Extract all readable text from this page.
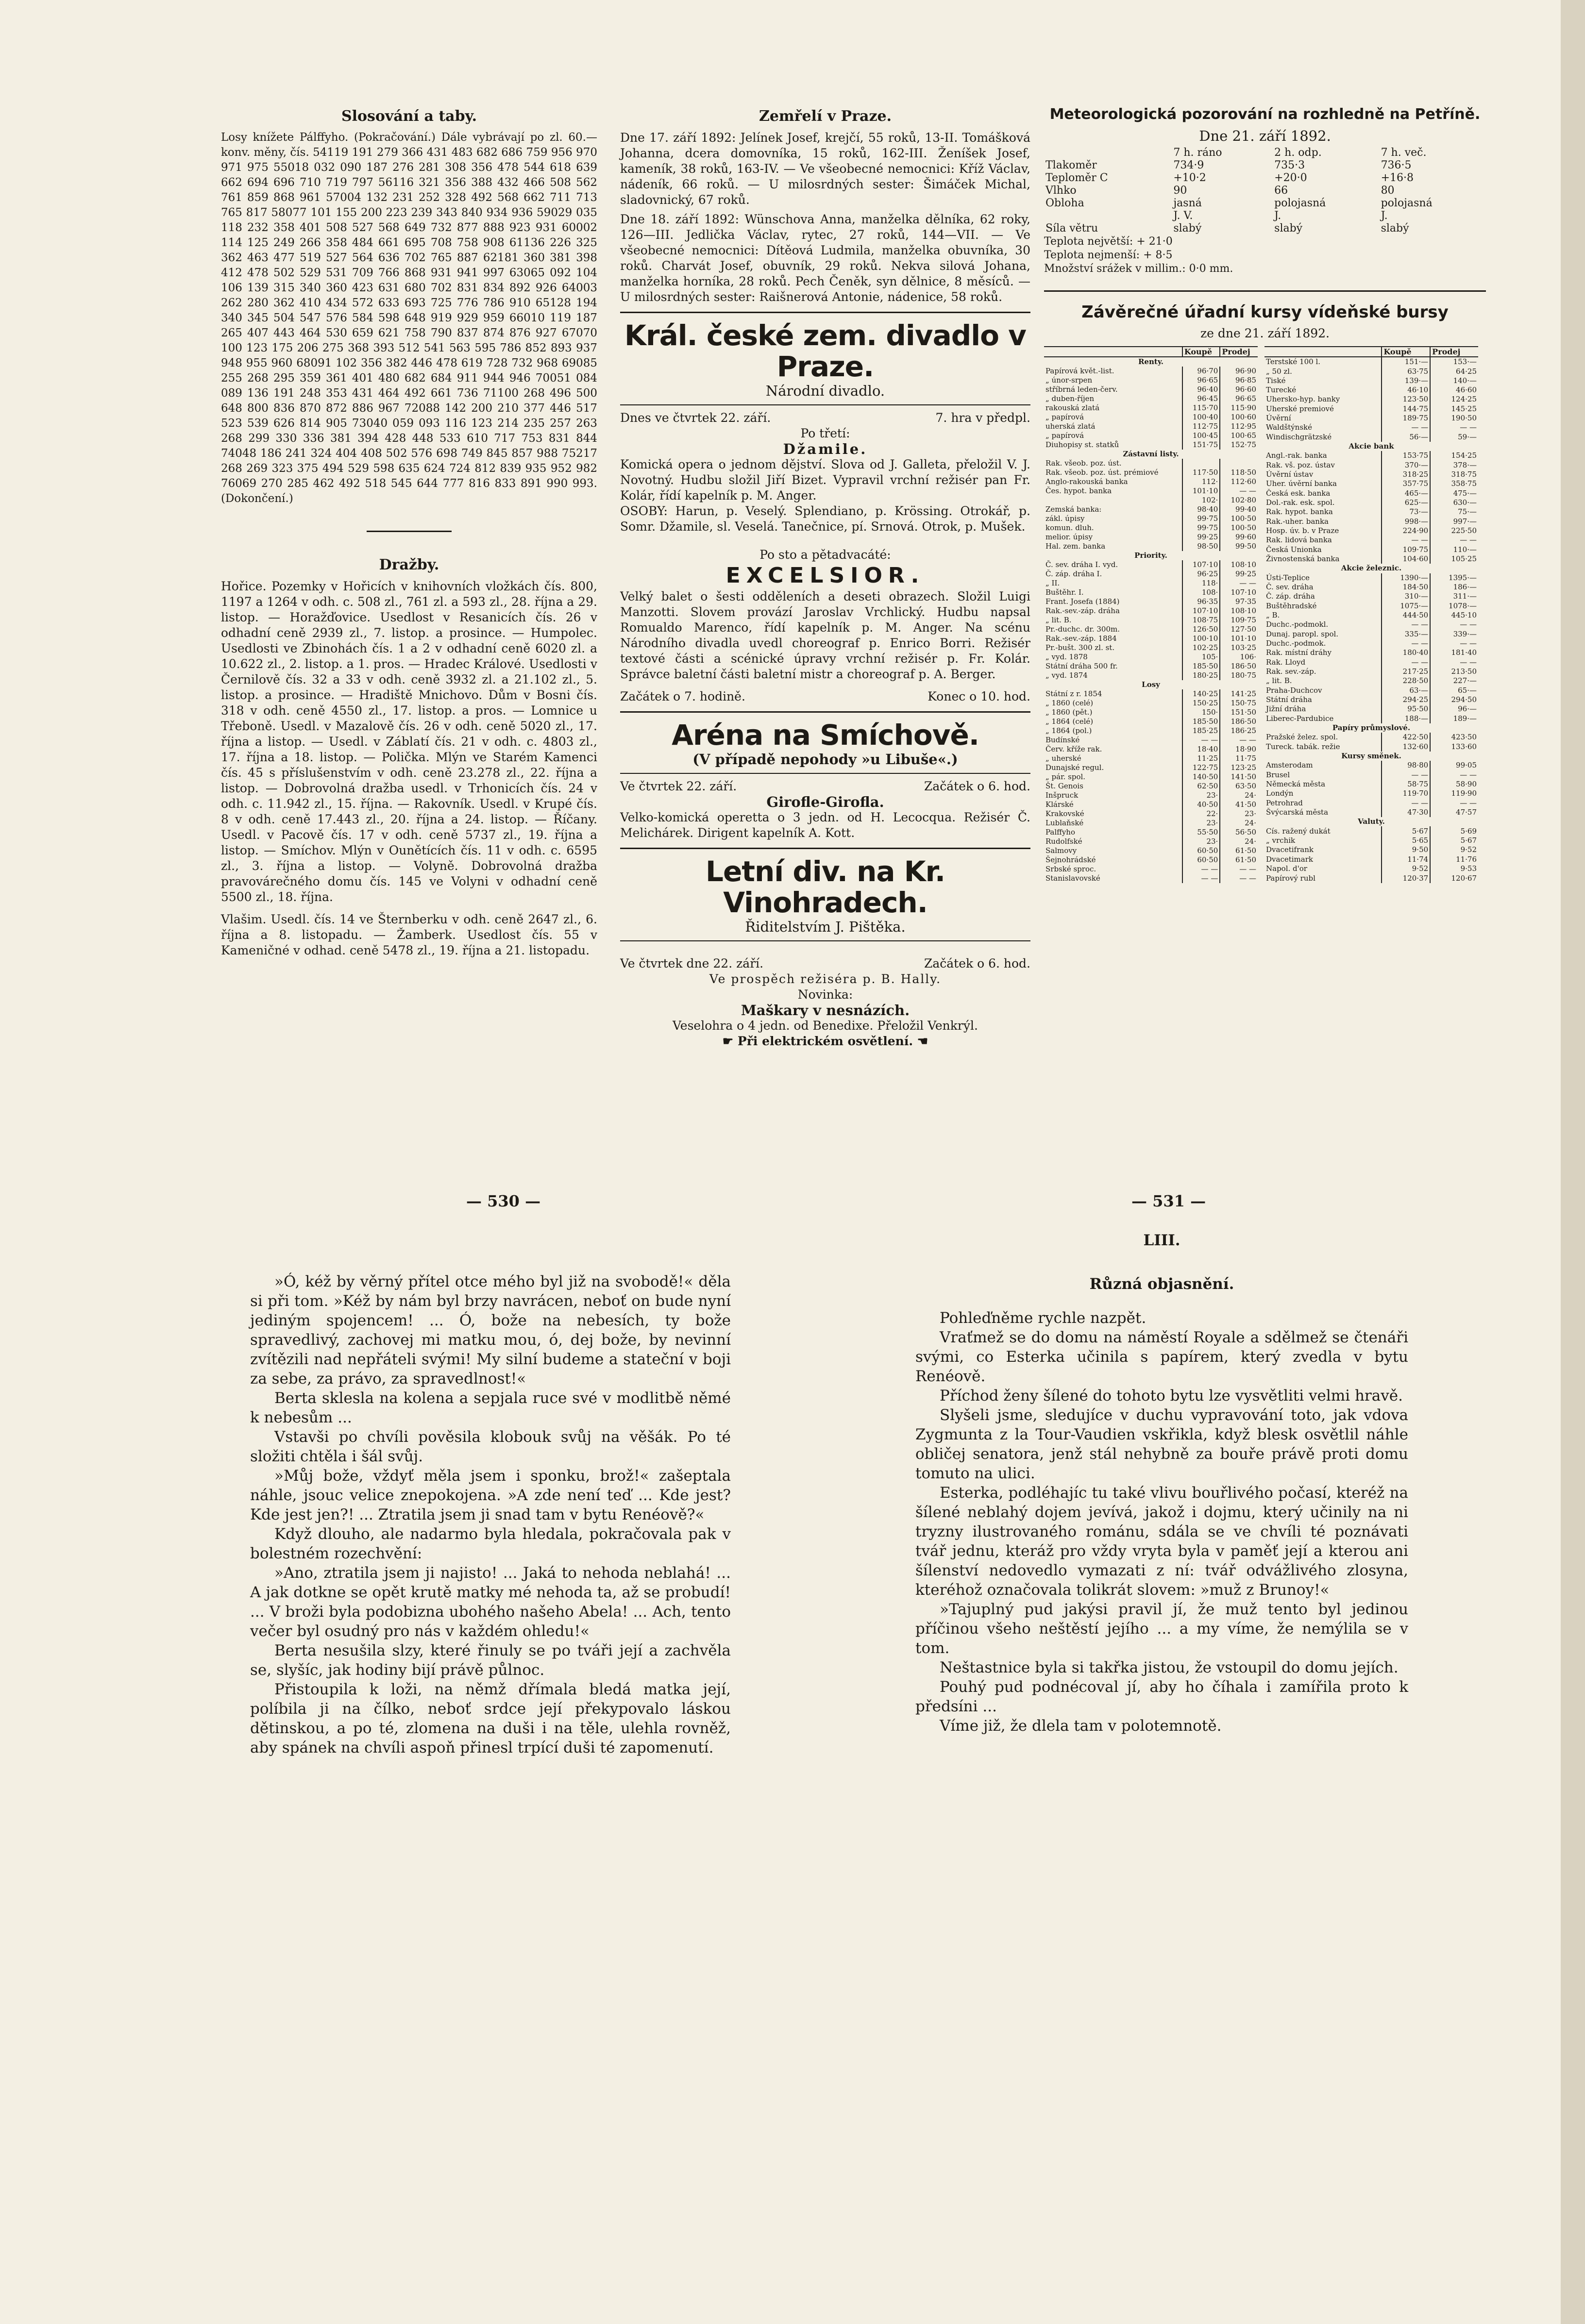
Slosování a taby.

Losy knížete Pálffyho. (Pokračování.) Dále vybrávají po zl. 60.— konv. měny, čís. 54119 191 279 366 431 483 682 686 759 956 970 971 975 55018 032 090 187 276 281 308 356 478 544 618 639 662 694 696 710 719 797 56116 321 356 388 432 466 508 562 761 859 868 961 57004 132 231 252 328 492 568 662 711 713 765 817 58077 101 155 200 223 239 343 840 934 936 59029 035 118 232 358 401 508 527 568 649 732 877 888 923 931 60002 114 125 249 266 358 484 661 695 708 758 908 61136 226 325 362 463 477 519 527 564 636 702 765 887 62181 360 381 398 412 478 502 529 531 709 766 868 931 941 997 63065 092 104 106 139 315 340 360 423 631 680 702 831 834 892 926 64003 262 280 362 410 434 572 633 693 725 776 786 910 65128 194 340 345 504 547 576 584 598 648 919 929 959 66010 119 187 265 407 443 464 530 659 621 758 790 837 874 876 927 67070 100 123 175 206 275 368 393 512 541 563 595 786 852 893 937 948 955 960 68091 102 356 382 446 478 619 728 732 968 69085 255 268 295 359 361 401 480 682 684 911 944 946 70051 084 089 136 191 248 353 431 464 492 661 736 71100 268 496 500 648 800 836 870 872 886 967 72088 142 200 210 377 446 517 523 539 626 814 905 73040 059 093 116 123 214 235 257 263 268 299 330 336 381 394 428 448 533 610 717 753 831 844 74048 186 241 324 404 408 502 576 698 749 845 857 988 75217 268 269 323 375 494 529 598 635 624 724 812 839 935 952 982 76069 270 285 462 492 518 545 644 777 816 833 891 990 993. (Dokončení.)

Dražby.

Hořice. Pozemky v Hořicích v knihovních vložkách čís. 800, 1197 a 1264 v odh. c. 508 zl., 761 zl. a 593 zl., 28. října a 29. listop. — Horažďovice. Usedlost v Resanicích čís. 26 v odhadní ceně 2939 zl., 7. listop. a prosince. — Humpolec. Usedlosti ve Zbinohách čís. 1 a 2 v odhadní ceně 6020 zl. a 10.622 zl., 2. listop. a 1. pros. — Hradec Králové. Usedlosti v Černilově čís. 32 a 33 v odh. ceně 3932 zl. a 21.102 zl., 5. listop. a prosince. — Hradiště Mnichovo. Dům v Bosni čís. 318 v odh. ceně 4550 zl., 17. listop. a pros. — Lomnice u Třeboně. Usedl. v Mazalově čís. 26 v odh. ceně 5020 zl., 17. října a listop. — Usedl. v Záblatí čís. 21 v odh. c. 4803 zl., 17. října a 18. listop. — Polička. Mlýn ve Starém Kamenci čís. 45 s příslušenstvím v odh. ceně 23.278 zl., 22. října a listop. — Dobrovolná dražba usedl. v Trhonicích čís. 24 v odh. c. 11.942 zl., 15. října. — Rakovník. Usedl. v Krupé čís. 8 v odh. ceně 17.443 zl., 20. října a 24. listop. — Říčany. Usedl. v Pacově čís. 17 v odh. ceně 5737 zl., 19. října a listop. — Smíchov. Mlýn v Ounětících čís. 11 v odh. c. 6595 zl., 3. října a listop. — Volyně. Dobrovolná dražba pravovárečného domu čís. 145 ve Volyni v odhadní ceně 5500 zl., 18. října.

Vlašim. Usedl. čís. 14 ve Šternberku v odh. ceně 2647 zl., 6. října a 8. listopadu. — Žamberk. Usedlost čís. 55 v Kameničné v odhad. ceně 5478 zl., 19. října a 21. listopadu.

Zemřelí v Praze.

Dne 17. září 1892: Jelínek Josef, krejčí, 55 roků, 13-II. Tomášková Johanna, dcera domovníka, 15 roků, 162-III. Ženíšek Josef, kameník, 38 roků, 163-IV. — Ve všeobecné nemocnici: Kříž Václav, nádeník, 66 roků. — U milosrdných sester: Šimáček Michal, sladovnický, 67 roků.

Dne 18. září 1892: Wünschova Anna, manželka dělníka, 62 roky, 126—III. Jedlička Václav, rytec, 27 roků, 144—VII. — Ve všeobecné nemocnici: Dítěová Ludmila, manželka obuvníka, 30 roků. Charvát Josef, obuvník, 29 roků. Nekva silová Johana, manželka horníka, 28 roků. Pech Čeněk, syn dělnice, 8 měsíců. — U milosrdných sester: Raišnerová Antonie, nádenice, 58 roků.

Král. české zem. divadlo v Praze.
Národní divadlo.
Dnes ve čtvrtek 22. září.	7. hra v předpl.
Po třetí:
Džamile.

Komická opera o jednom dějství. Slova od J. Galleta, přeložil V. J. Novotný. Hudbu složil Jiří Bizet. Vypravil vrchní režisér pan Fr. Kolár, řídí kapelník p. M. Anger.

OSOBY: Harun, p. Veselý. Splendiano, p. Krössing. Otrokář, p. Somr. Džamile, sl. Veselá. Tanečnice, pí. Srnová. Otrok, p. Mušek.

Po sto a pětadvacáté:
EXCELSIOR.

Velký balet o šesti odděleních a deseti obrazech. Složil Luigi Manzotti. Slovem provází Jaroslav Vrchlický. Hudbu napsal Romualdo Marenco, řídí kapelník p. M. Anger. Na scénu Národního divadla uvedl choreograf p. Enrico Borri. Režisér textové části a scénické úpravy vrchní režisér p. Fr. Kolár. Správce baletní části baletní mistr a choreograf p. A. Berger.

Začátek o 7. hodině.	Konec o 10. hod.
Aréna na Smíchově.
(V případě nepohody »u Libuše«.)
Ve čtvrtek 22. září.	Začátek o 6. hod.
Girofle-Girofla.

Velko-komická operetta o 3 jedn. od H. Lecocqua. Režisér Č. Melichárek. Dirigent kapelník A. Kott.

Letní div. na Kr. Vinohradech.
Řiditelstvím J. Pištěka.
Ve čtvrtek dne 22. září.	Začátek o 6. hod.
Ve prospěch režiséra p. B. Hally.
Novinka:
Maškary v nesnázích.
Veselohra o 4 jedn. od Benedixe. Přeložil Venkrýl.
☛ Při elektrickém osvětlení. ☚
Meteorologická pozorování na rozhledně na Petříně.
Dne 21. září 1892.
	7 h. ráno	2 h. odp.	7 h. več.
Tlakoměr	734·9	735·3	736·5
Teploměr C	+10·2	+20·0	+16·8
Vlhko	90	66	80
Obloha	jasná	polojasná	polojasná
	J. V.	J.	J.
Síla větru	slabý	slabý	slabý
Teplota největší: + 21·0
Teplota nejmenší: + 8·5
Množství srážek v millim.: 0·0 mm.
Závěrečné úřadní kursy vídeňské bursy
ze dne 21. září 1892.
	Koupě	Prodej
Renty.		
Papírová květ.-list.	96·70	96·90
„ únor-srpen	96·65	96·85
stříbrná leden-červ.	96·40	96·60
„ duben-říjen	96·45	96·65
rakouská zlatá	115·70	115·90
„ papírová	100·40	100·60
uherská zlatá	112·75	112·95
„ papírová	100·45	100·65
Diuhopisy st. statků	151·75	152·75
Zástavní listy.		
Rak. všeob. poz. úst.		
Rak. všeob. poz. úst. prémiové	117·50	118·50
Anglo-rakouská banka	112·	112·60
Čes. hypot. banka	101·10	— —
	102·	102·80
Zemská banka:	98·40	99·40
zákl. úpisy	99·75	100·50
komun. dluh.	99·75	100·50
melior. úpisy	99·25	99·60
Hal. zem. banka	98·50	99·50
Priority.		
Č. sev. dráha I. vyd.	107·10	108·10
Č. záp. dráha I.	96·25	99·25
„ II.	118·	— —
Buštěhr. I.	108·	107·10
Frant. Josefa (1884)	96·35	97·35
Rak.-sev.-záp. dráha	107·10	108·10
„ lit. B.	108·75	109·75
Pr.-duchc. dr. 300m.	126·50	127·50
Rak.-sev.-záp. 1884	100·10	101·10
Pr.-bušt. 300 zl. st.	102·25	103·25
„ vyd. 1878	105·	106·
Státní dráha 500 fr.	185·50	186·50
„ vyd. 1874	180·25	180·75
Losy		
Státní z r. 1854	140·25	141·25
„ 1860 (celé)	150·25	150·75
„ 1860 (pět.)	150·	151·50
„ 1864 (celé)	185·50	186·50
„ 1864 (pol.)	185·25	186·25
Budínské	— —	— —
Červ. kříže rak.	18·40	18·90
„ uherské	11·25	11·75
Dunajské regul.	122·75	123·25
„ pár. spol.	140·50	141·50
Št. Genois	62·50	63·50
Inšpruck	23·	24·
Klárské	40·50	41·50
Krakovské	22·	23·
Lublaňské	23·	24·
Palffyho	55·50	56·50
Rudolfské	23·	24·
Salmovy	60·50	61·50
Šejnohrádské	60·50	61·50
Srbské sproc.	— —	— —
Stanislavovské	— —	— —
	Koupě	Prodej
Terstské 100 l.	151·—	153·—
„ 50 zl.	63·75	64·25
Tiské	139·—	140·—
Turecké	46·10	46·60
Uhersko-hyp. banky	123·50	124·25
Uherské premiové	144·75	145·25
Úvěrní	189·75	190·50
Waldštýnské	— —	— —
Windischgrätzské	56·—	59·—
Akcie bank		
Angl.-rak. banka	153·75	154·25
Rak. vš. poz. ústav	370·—	378·—
Úvěrní ústav	318·25	318·75
Uher. úvěrní banka	357·75	358·75
Česká esk. banka	465·—	475·—
Dol.-rak. esk. spol.	625·—	630·—
Rak. hypot. banka	73·—	75·—
Rak.-uher. banka	998·—	997·—
Hosp. úv. b. v Praze	224·90	225·50
Rak. lidová banka	— —	— —
Česká Unionka	109·75	110·—
Živnostenská banka	104·60	105·25
Akcie železnic.		
Ústi-Teplice	1390·—	1395·—
Č. sev. dráha	184·50	186·—
Č. záp. dráha	310·—	311·—
Buštěhradské	1075·—	1078·—
„ B.	444·50	445·10
Duchc.-podmokl.	— —	— —
Dunaj. paropl. spol.	335·—	339·—
Duchc.-podmok.	— —	— —
Rak. místní dráhy	180·40	181·40
Rak. Lloyd	— —	— —
Rak. sev.-záp.	217·25	213·50
„ lit. B.	228·50	227·—
Praha-Duchcov	63·—	65·—
Státní dráha	294·25	294·50
Jižní dráha	95·50	96·—
Liberec-Pardubice	188·—	189·—
Papíry průmyslové.		
Pražské želez. spol.	422·50	423·50
Tureck. tabák. režie	132·60	133·60
Kursy směnek.		
Amsterodam	98·80	99·05
Brusel	— —	— —
Německá města	58·75	58·90
Londýn	119·70	119·90
Petrohrad	— —	— —
Švýcarská města	47·30	47·57
Valuty.		
Cís. ražený dukát	5·67	5·69
„ vrchik	5·65	5·67
Dvacetifrank	9·50	9·52
Dvacetimark	11·74	11·76
Napol. d'or	9·52	9·53
Papírový rubl	120·37	120·67
— 530 —	— 531 —

»Ó, kéž by věrný přítel otce mého byl již na svobodě!« děla si při tom. »Kéž by nám byl brzy navrácen, neboť on bude nyní jediným spojencem! ... Ó, bože na nebesích, ty bože spravedlivý, zachovej mi matku mou, ó, dej bože, by nevinní zvítězili nad nepřáteli svými! My silní budeme a stateční v boji za sebe, za právo, za spravedlnost!«

Berta sklesla na kolena a sepjala ruce své v modlitbě němé k nebesům ...

Vstavši po chvíli pověsila klobouk svůj na věšák. Po té složiti chtěla i šál svůj.

»Můj bože, vždyť měla jsem i sponku, brož!« zašeptala náhle, jsouc velice znepokojena. »A zde není teď ... Kde jest? Kde jest jen?! ... Ztratila jsem ji snad tam v bytu Renéově?«

Když dlouho, ale nadarmo byla hledala, pokračovala pak v bolestném rozechvění:

»Ano, ztratila jsem ji najisto! ... Jaká to nehoda neblahá! ... A jak dotkne se opět krutě matky mé nehoda ta, až se probudí! ... V broži byla podobizna ubohého našeho Abela! ... Ach, tento večer byl osudný pro nás v každém ohledu!«

Berta nesušila slzy, které řinuly se po tváři její a zachvěla se, slyšíc, jak hodiny bijí právě půlnoc.

Přistoupila k loži, na němž dřímala bledá matka její, políbila ji na čílko, neboť srdce její překypovalo láskou dětinskou, a po té, zlomena na duši i na těle, ulehla rovněž, aby spánek na chvíli aspoň přinesl trpící duši té zapomenutí.

LIII.
Různá objasnění.

Pohleďněme rychle nazpět.

Vraťmež se do domu na náměstí Royale a sdělmež se čtenáři svými, co Esterka učinila s papírem, který zvedla v bytu Renéově.

Příchod ženy šílené do tohoto bytu lze vysvětliti velmi hravě.

Slyšeli jsme, sledujíce v duchu vypravování toto, jak vdova Zygmunta z la Tour-Vaudien vskřikla, když blesk osvětlil náhle obličej senatora, jenž stál nehybně za bouře právě proti domu tomuto na ulici.

Esterka, podléhajíc tu také vlivu bouřlivého počasí, kteréž na šílené neblahý dojem jevívá, jakož i dojmu, který učinily na ni tryzny ilustrovaného románu, sdála se ve chvíli té poznávati tvář jednu, kteráž pro vždy vryta byla v paměť její a kterou ani šílenství nedovedlo vymazati z ní: tvář odvážlivého zlosyna, kteréhož označovala tolikrát slovem: »muž z Brunoy!«

»Tajuplný pud jakýsi pravil jí, že muž tento byl jedinou příčinou všeho neštěstí jejího ... a my víme, že nemýlila se v tom.

Neštastnice byla si takřka jistou, že vstoupil do domu jejích.

Pouhý pud podnécoval jí, aby ho číhala i zamířila proto k předsíni ...

Víme již, že dlela tam v polotemnotě.
